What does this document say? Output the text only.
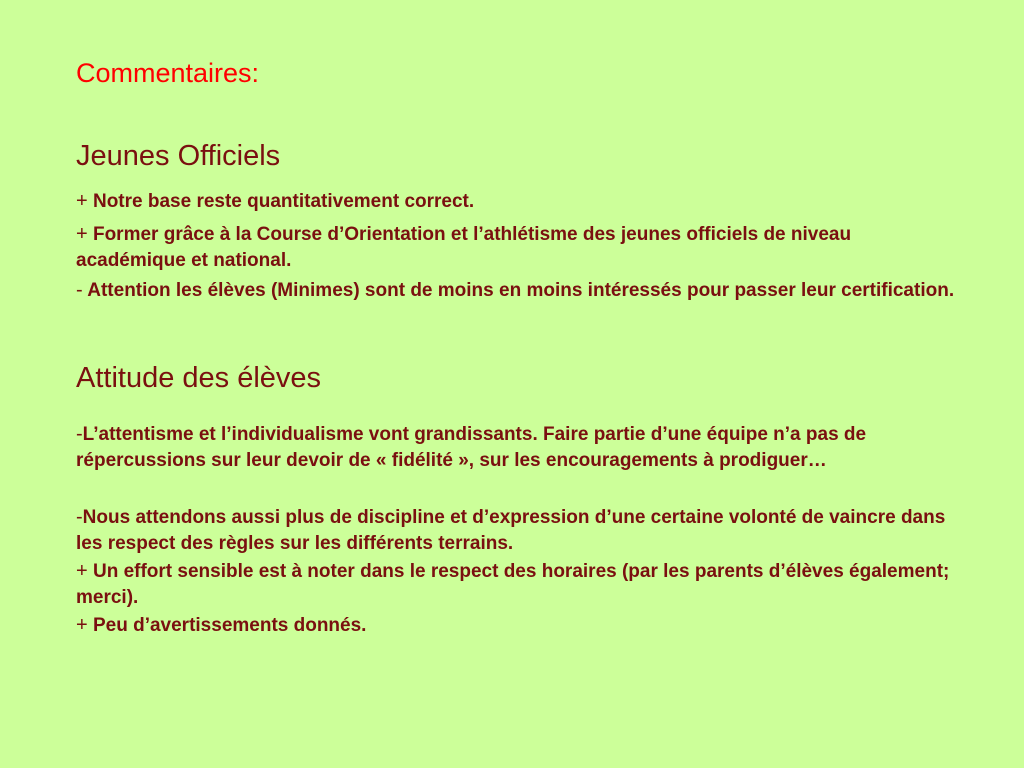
Commentaires:
Jeunes Officiels

+ Notre base reste quantitativement correct.

+ Former grâce à la Course d’Orientation et l’athlétisme des jeunes officiels de niveau académique et national.

- Attention les élèves (Minimes) sont de moins en moins intéressés pour passer leur certification.

Attitude des élèves

-L’attentisme et l’individualisme vont grandissants. Faire partie d’une équipe n’a pas de répercussions sur leur devoir de « fidélité », sur les encouragements à prodiguer…

-Nous attendons aussi plus de discipline et d’expression d’une certaine volonté de vaincre dans les respect des règles sur les différents terrains.

+ Un effort sensible est à noter dans le respect des horaires (par les parents d’élèves également; merci).

+ Peu d’avertissements donnés.
